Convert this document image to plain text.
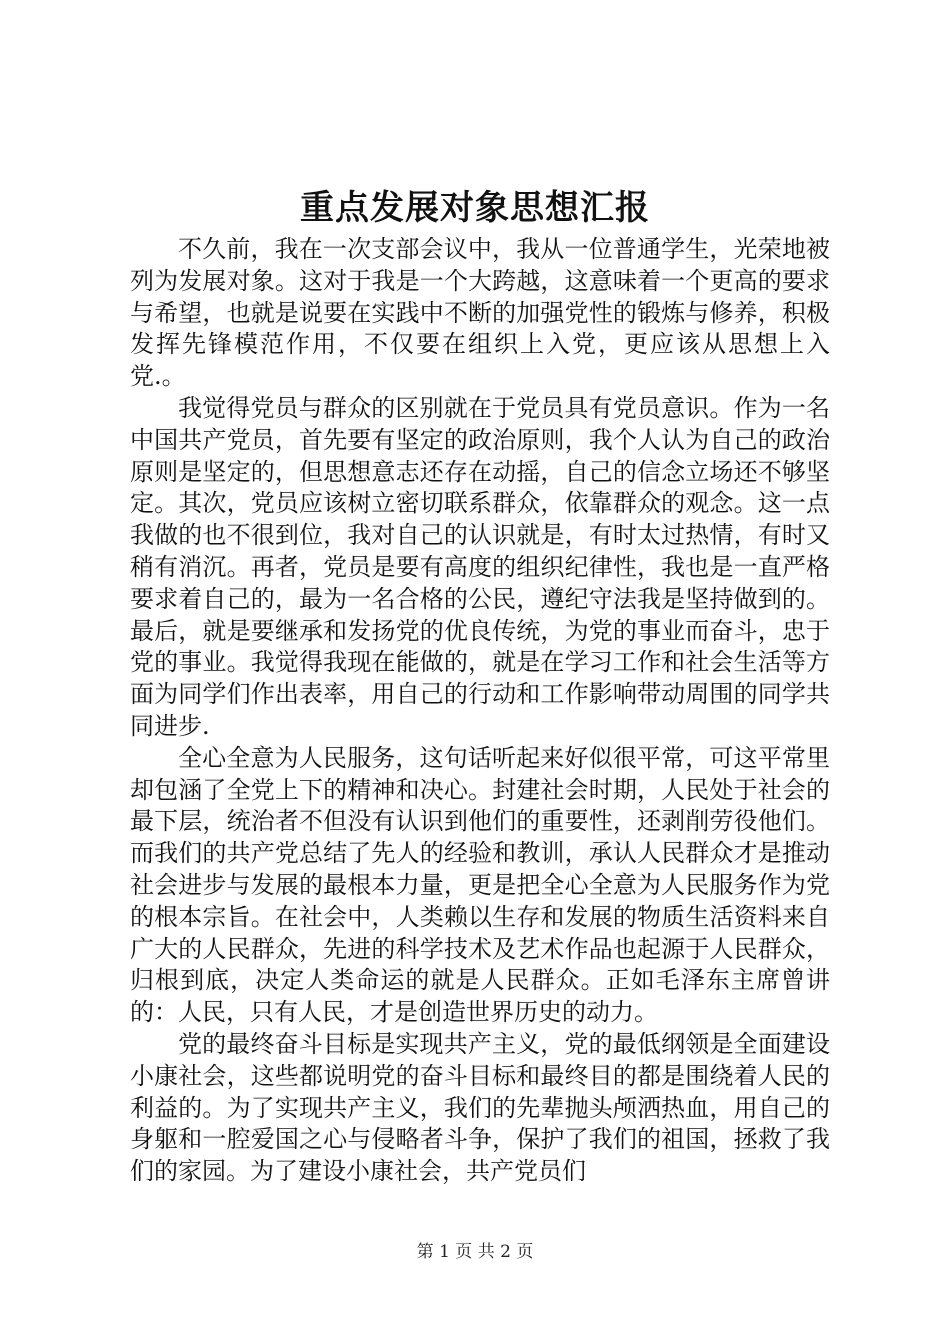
重点发展对象思想汇报

不久前，我在一次支部会议中，我从一位普通学生，光荣地被列为发展对象。这对于我是一个大跨越，这意味着一个更高的要求与希望，也就是说要在实践中不断的加强党性的锻炼与修养，积极发挥先锋模范作用，不仅要在组织上入党，更应该从思想上入党.。

我觉得党员与群众的区别就在于党员具有党员意识。作为一名中国共产党员，首先要有坚定的政治原则，我个人认为自己的政治原则是坚定的，但思想意志还存在动摇，自己的信念立场还不够坚定。其次，党员应该树立密切联系群众，依靠群众的观念。这一点我做的也不很到位，我对自己的认识就是，有时太过热情，有时又稍有消沉。再者，党员是要有高度的组织纪律性，我也是一直严格要求着自己的，最为一名合格的公民，遵纪守法我是坚持做到的。最后，就是要继承和发扬党的优良传统，为党的事业而奋斗，忠于党的事业。我觉得我现在能做的，就是在学习工作和社会生活等方面为同学们作出表率，用自己的行动和工作影响带动周围的同学共同进步.

全心全意为人民服务，这句话听起来好似很平常，可这平常里却包涵了全党上下的精神和决心。封建社会时期，人民处于社会的最下层，统治者不但没有认识到他们的重要性，还剥削劳役他们。而我们的共产党总结了先人的经验和教训，承认人民群众才是推动社会进步与发展的最根本力量，更是把全心全意为人民服务作为党的根本宗旨。在社会中，人类赖以生存和发展的物质生活资料来自广大的人民群众，先进的科学技术及艺术作品也起源于人民群众，归根到底，决定人类命运的就是人民群众。正如毛泽东主席曾讲的：人民，只有人民，才是创造世界历史的动力。

党的最终奋斗目标是实现共产主义，党的最低纲领是全面建设小康社会，这些都说明党的奋斗目标和最终目的都是围绕着人民的利益的。为了实现共产主义，我们的先辈抛头颅洒热血，用自己的身躯和一腔爱国之心与侵略者斗争，保护了我们的祖国，拯救了我们的家园。为了建设小康社会，共产党员们

第 1 页 共 2 页
